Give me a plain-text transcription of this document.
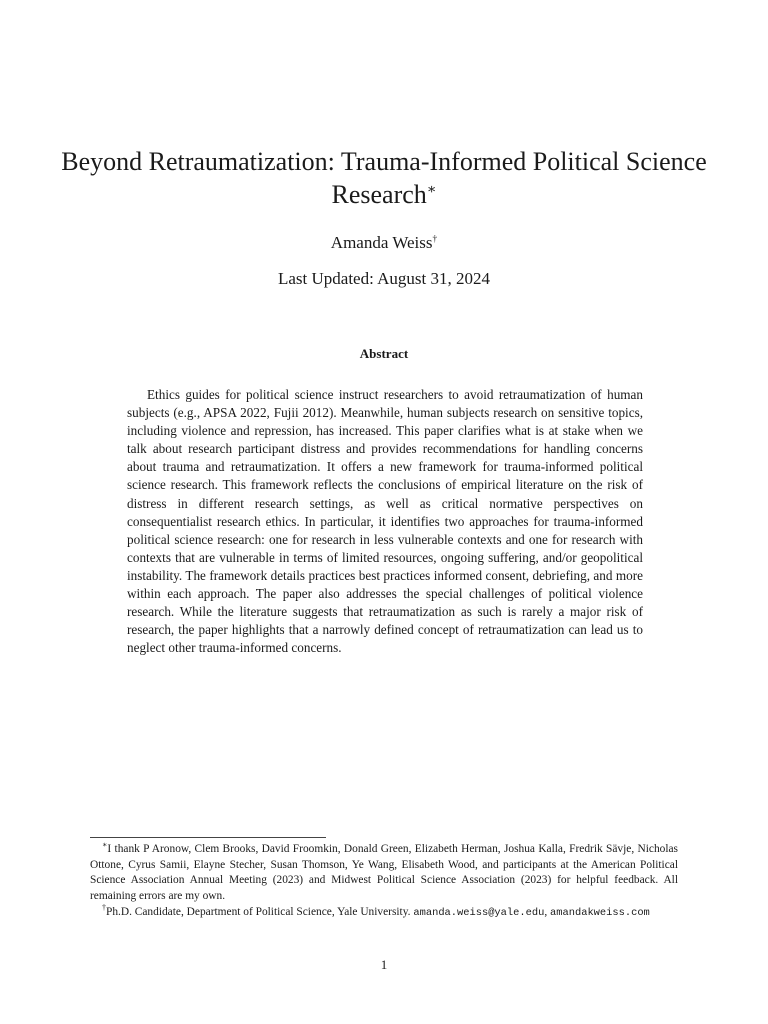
Beyond Retraumatization: Trauma-Informed Political Science Research∗
Amanda Weiss†
Last Updated: August 31, 2024
Abstract

Ethics guides for political science instruct researchers to avoid retraumatization of human subjects (e.g., APSA 2022, Fujii 2012). Meanwhile, human subjects research on sensitive topics, including violence and repression, has increased. This paper clarifies what is at stake when we talk about research participant distress and provides recommendations for handling concerns about trauma and retraumatization. It offers a new framework for trauma-informed political science research. This framework reflects the conclusions of empirical literature on the risk of distress in different research settings, as well as critical normative perspectives on consequentialist research ethics. In particular, it identifies two approaches for trauma-informed political science research: one for research in less vulnerable contexts and one for research with contexts that are vulnerable in terms of limited resources, ongoing suffering, and/or geopolitical instability. The framework details practices best practices informed consent, debriefing, and more within each approach. The paper also addresses the special challenges of political violence research. While the literature suggests that retraumatization as such is rarely a major risk of research, the paper highlights that a narrowly defined concept of retraumatization can lead us to neglect other trauma-informed concerns.

∗I thank P Aronow, Clem Brooks, David Froomkin, Donald Green, Elizabeth Herman, Joshua Kalla, Fredrik Sävje, Nicholas Ottone, Cyrus Samii, Elayne Stecher, Susan Thomson, Ye Wang, Elisabeth Wood, and participants at the American Political Science Association Annual Meeting (2023) and Midwest Political Science Association (2023) for helpful feedback. All remaining errors are my own.

†Ph.D. Candidate, Department of Political Science, Yale University. amanda.weiss@yale.edu, amandakweiss.com

1
